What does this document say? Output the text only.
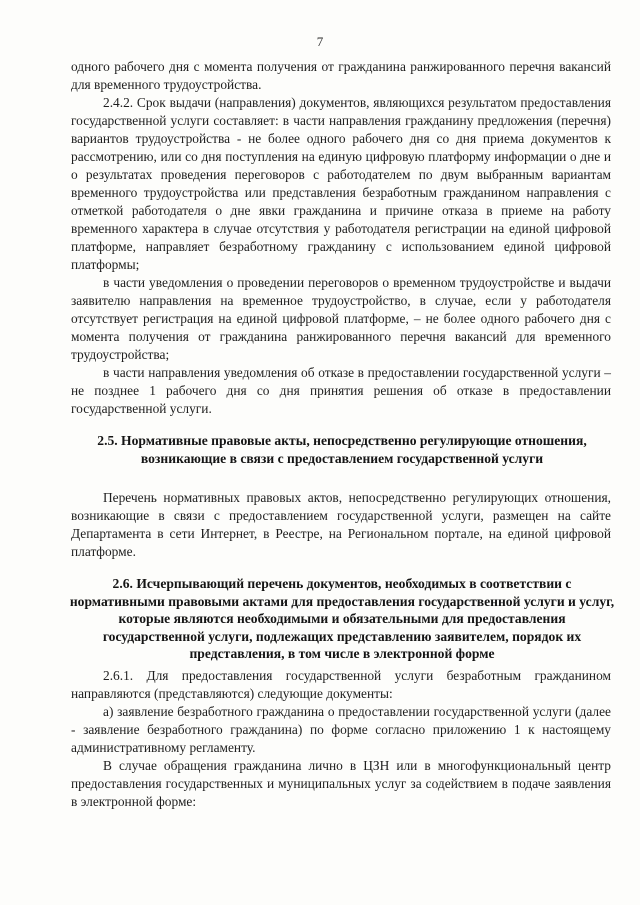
7

одного рабочего дня с момента получения от гражданина ранжированного перечня вакансий для временного трудоустройства.

2.4.2. Срок выдачи (направления) документов, являющихся результатом предоставления государственной услуги составляет: в части направления гражданину предложения (перечня) вариантов трудоустройства - не более одного рабочего дня со дня приема документов к рассмотрению, или со дня поступления на единую цифровую платформу информации о дне и о результатах проведения переговоров с работодателем по двум выбранным вариантам временного трудоустройства или представления безработным гражданином направления с отметкой работодателя о дне явки гражданина и причине отказа в приеме на работу временного характера в случае отсутствия у работодателя регистрации на единой цифровой платформе, направляет безработному гражданину с использованием единой цифровой платформы;

в части уведомления о проведении переговоров о временном трудоустройстве и выдачи заявителю направления на временное трудоустройство, в случае, если у работодателя отсутствует регистрация на единой цифровой платформе, – не более одного рабочего дня с момента получения от гражданина ранжированного перечня вакансий для временного трудоустройства;

в части направления уведомления об отказе в предоставлении государственной услуги – не позднее 1 рабочего дня со дня принятия решения об отказе в предоставлении государственной услуги.

2.5. Нормативные правовые акты, непосредственно регулирующие отношения, возникающие в связи с предоставлением государственной услуги

Перечень нормативных правовых актов, непосредственно регулирующих отношения, возникающие в связи с предоставлением государственной услуги, размещен на сайте Департамента в сети Интернет, в Реестре, на Региональном портале, на единой цифровой платформе.

2.6. Исчерпывающий перечень документов, необходимых в соответствии с нормативными правовыми актами для предоставления государственной услуги и услуг, которые являются необходимыми и обязательными для предоставления государственной услуги, подлежащих представлению заявителем, порядок их представления, в том числе в электронной форме

2.6.1. Для предоставления государственной услуги безработным гражданином направляются (представляются) следующие документы:

а) заявление безработного гражданина о предоставлении государственной услуги (далее - заявление безработного гражданина) по форме согласно приложению 1 к настоящему административному регламенту.

В случае обращения гражданина лично в ЦЗН или в многофункциональный центр предоставления государственных и муниципальных услуг за содействием в подаче заявления в электронной форме:
